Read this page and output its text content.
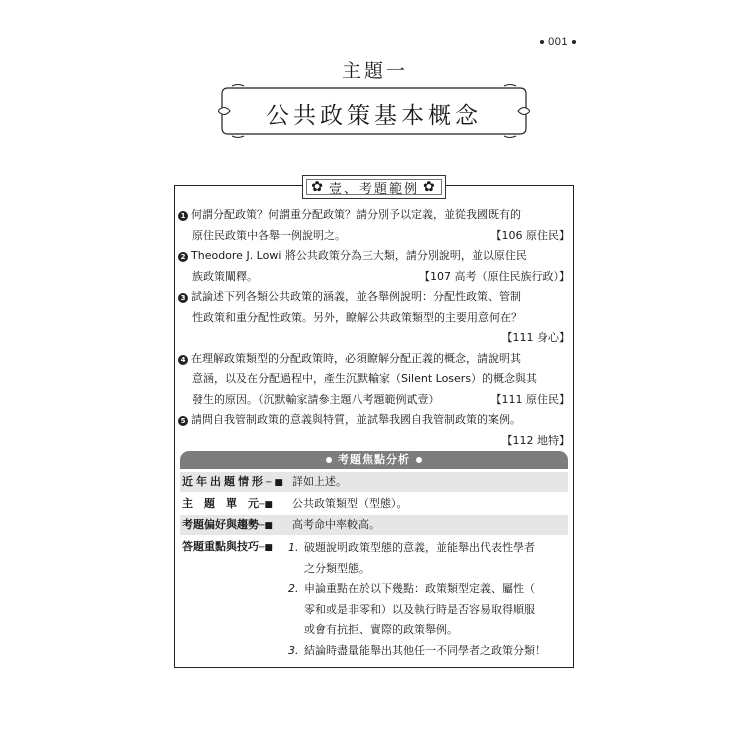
001
主題一
公共政策基本概念
✿ 壹、考題範例 ✿
1 何謂分配政策？何謂重分配政策？請分別予以定義，並從我國既有的
原住民政策中各舉一例說明之。	【106 原住民】
2 Theodore J. Lowi 將公共政策分為三大類，請分別說明，並以原住民
族政策闡釋。	【107 高考（原住民族行政）】
3 試論述下列各類公共政策的涵義，並各舉例說明：分配性政策、管制
性政策和重分配性政策。另外，瞭解公共政策類型的主要用意何在？
【111 身心】
4 在理解政策類型的分配政策時，必須瞭解分配正義的概念，請說明其
意涵，以及在分配過程中，產生沉默輸家（Silent Losers）的概念與其
發生的原因。（沉默輸家請參主題八考題範例貳壹）	【111 原住民】
5 請問自我管制政策的意義與特質，並試舉我國自我管制政策的案例。
【112 地特】
考題焦點分析
近年出題情形─■ 詳如上述。
主　題　單　元─■ 公共政策類型（型態）。
考題偏好與趨勢─■ 高考命中率較高。
答題重點與技巧─■ 1. 破題說明政策型態的意義，並能舉出代表性學者
之分類型態。
2. 申論重點在於以下幾點：政策類型定義、屬性（
零和或是非零和）以及執行時是否容易取得順服
或會有抗拒、實際的政策舉例。
3. 結論時盡量能舉出其他任一不同學者之政策分類！
